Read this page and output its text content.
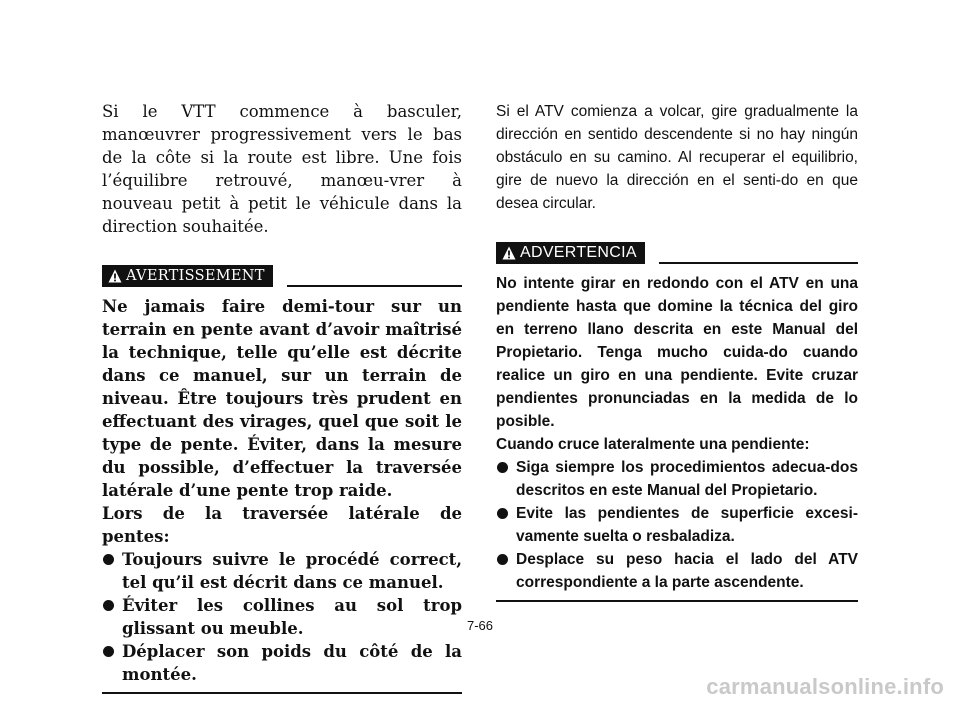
Si le VTT commence à basculer, manœuvrer progressivement vers le bas de la côte si la route est libre. Une fois l’équilibre retrouvé, manœu-vrer à nouveau petit à petit le véhicule dans la direction souhaitée.

AVERTISSEMENT

Ne jamais faire demi-tour sur un terrain en pente avant d’avoir maîtrisé la technique, telle qu’elle est décrite dans ce manuel, sur un terrain de niveau. Être toujours très prudent en effectuant des virages, quel que soit le type de pente. Éviter, dans la mesure du possible, d’effectuer la traversée latérale d’une pente trop raide.

Lors de la traversée latérale de pentes:

Toujours suivre le procédé correct, tel qu’il est décrit dans ce manuel.
Éviter les collines au sol trop glissant ou meuble.
Déplacer son poids du côté de la montée.

Si el ATV comienza a volcar, gire gradualmente la dirección en sentido descendente si no hay ningún obstáculo en su camino. Al recuperar el equilibrio, gire de nuevo la dirección en el senti-do en que desea circular.

ADVERTENCIA

No intente girar en redondo con el ATV en una pendiente hasta que domine la técnica del giro en terreno llano descrita en este Manual del Propietario. Tenga mucho cuida-do cuando realice un giro en una pendiente. Evite cruzar pendientes pronunciadas en la medida de lo posible.

Cuando cruce lateralmente una pendiente:

Siga siempre los procedimientos adecua-dos descritos en este Manual del Propietario.
Evite las pendientes de superficie excesi-vamente suelta o resbaladiza.
Desplace su peso hacia el lado del ATV correspondiente a la parte ascendente.
7-66
carmanualsonline.info
